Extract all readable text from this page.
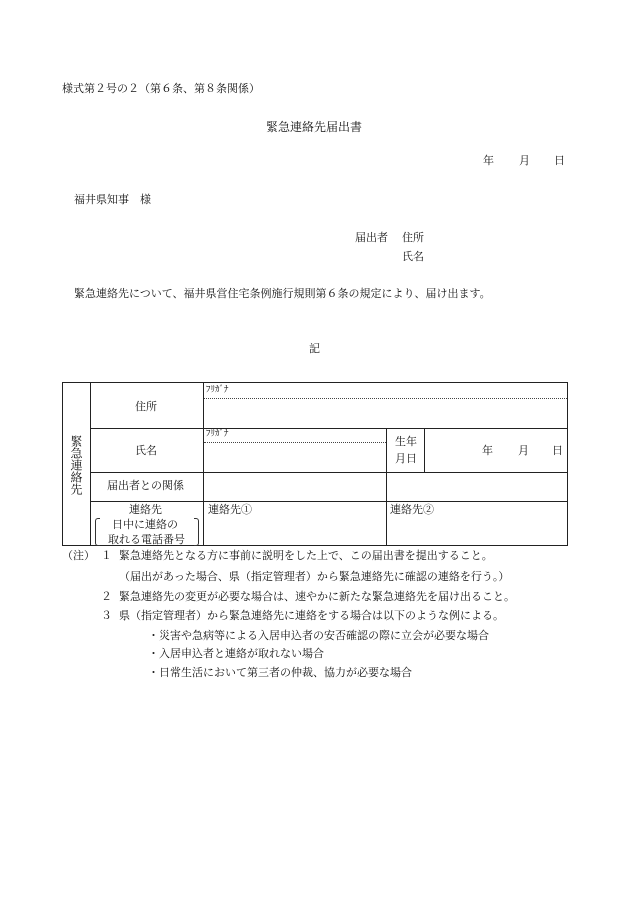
様式第２号の２（第６条、第８条関係）
緊急連絡先届出書
年 月 日
福井県知事　様
届出者 住所
氏名
緊急連絡先について、福井県営住宅条例施行規則第６条の規定により、届け出ます。
記
緊急連絡先
住所
ﾌﾘｶﾞﾅ
氏名
ﾌﾘｶﾞﾅ
生年
月日
年 月 日
届出者との関係
連絡先
日中に連絡の
取れる電話番号
連絡先①	連絡先②
（注） １ 緊急連絡先となる方に事前に説明をした上で、この届出書を提出すること。
（届出があった場合、県（指定管理者）から緊急連絡先に確認の連絡を行う。）
２ 緊急連絡先の変更が必要な場合は、速やかに新たな緊急連絡先を届け出ること。
３ 県（指定管理者）から緊急連絡先に連絡をする場合は以下のような例による。
・災害や急病等による入居申込者の安否確認の際に立会が必要な場合
・入居申込者と連絡が取れない場合
・日常生活において第三者の仲裁、協力が必要な場合
